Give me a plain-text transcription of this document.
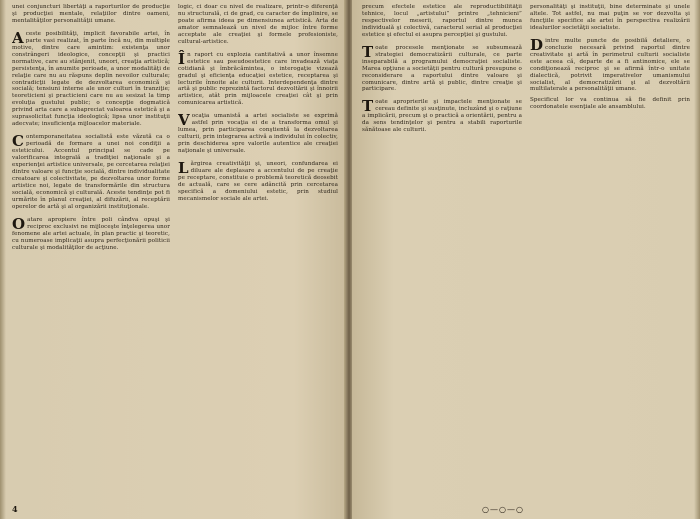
unei conjuncturi libertăţi a raporturilor de producţie şi producţiei mentale, relaţiilor dintre oameni, mentalităţilor personalităţii umane.

Aceste posibilităţi, implicit favorabile artei, în parte vasi realizat, în parte încă nu, din multiple motive, dintre care amintim: existenţa unor constrângeri ideologice, concepţii şi practici normative, care au stânjenit, uneori, creaţia artistică; persistenţa, în anumite perioade, a unor modalităţi de relaţie care nu au răspuns deplin nevoilor culturale; contradicţii legate de dezvoltarea economică şi socială; tensiuni interne ale unor culturi în tranziţie; teoreticieni şi practicieni care nu au sesizat la timp evoluţia gustului public; o concepţie dogmatică privind arta care a subapreciat valoarea estetică şi a suprasolicitat funcţia ideologică; lipsa unor instituţii adecvate; insuficienţa mijloacelor materiale.

Contemporaneitatea socialistă este văzută ca o perioadă de formare a unei noi condiţii a esteticului. Accentul principal se cade pe valorificarea integrală a tradiţiei naţionale şi a experienţei artistice universale, pe cercetarea relaţiei dintre valoare şi funcţie socială, dintre individualitate creatoare şi colectivitate, pe dezvoltarea unor forme artistice noi, legate de transformările din structura socială, economică şi culturală. Aceste tendinţe pot fi urmărite în planul creaţiei, al difuzării, al receptării operelor de artă şi al organizării instituţionale.

Oatare apropiere între poli cândva opuşi şi reciproc exclusivi ne mijloceşte înţelegerea unor fenomene ale artei actuale, în plan practic şi teoretic, cu numeroase implicaţii asupra perfecţionării politicii culturale şi modalităţilor de acţiune.

logic, ci doar cu nivel de realizare, printr-o diferenţă nu structurală, ci de grad, cu caracter de împlinire, se poate afirma ideea pe dimensiunea artistică. Arta de amator semnalează un nivel de mijloc între forme acceptate ale creaţiei şi formele profesioniste, cultural-artistice.

În raport cu explozia cantitativă a unor însemne estetice sau pseudoestetice care invadează viaţa cotidiană şi îmbrăcămintea, o interogaţie vizează gradul şi eficienţa educaţiei estetice, receptarea şi lecturile înnoite ale culturii. Interdependenţa dintre artă şi public reprezintă factorul dezvoltării şi înnoirii artistice, atât prin mijloacele creaţiei cât şi prin comunicarea artistică.

Vocaţia umanistă a artei socialiste se exprimă astfel prin vocaţia ei de a transforma omul şi lumea, prin participarea conştientă la dezvoltarea culturii, prin integrarea activă a individului în colectiv, prin deschiderea spre valorile autentice ale creaţiei naţionale şi universale.

Lărgirea creativităţii şi, uneori, confundarea ei diluare ale deplasare a accentului de pe creaţie pe receptare, constituie o problemă teoretică deosebit de actuală, care se cere adâncită prin cercetarea specifică a domeniului estetic, prin studiul mecanismelor sociale ale artei.

4

precum efectele estetice ale reproductibilităţii tehnice, locul „artistului” printre „tehnicieni” respectivelor meserii, raportul dintre munca individuală şi colectivă, caracterul serial al producţiei estetice şi efectul ei asupra percepţiei şi gustului.

Toate procesele menţionate se subsumează strategiei democratizării culturale, ce parte inseparabilă a programului democraţiei socialiste. Marea opţiune a societăţii pentru cultură presupune o reconsiderare a raportului dintre valoare şi comunicare, dintre artă şi public, dintre creaţie şi participare.

Toate aproprierile şi impactele menţionate se cereau definite şi susţinute, incluzând şi o raţiune a implicării, precum şi o practică a orientării, pentru a da sens tendinţelor şi pentru a stabili raporturile sănătoase ale culturii.

personalităţi şi instituţii, bine determinate şi unele altele. Tot astfel, nu mai puţin se vor dezvolta şi funcţiile specifice ale artei în perspectiva realizării idealurilor societăţii socialiste.

Dintre multe puncte de posibilă detaliere, o concluzie necesară privind raportul dintre creativitate şi artă în perimetrul culturii socialiste este aceea că, departe de a fi antinomice, ele se condiţionează reciproc şi se afirmă într-o unitate dialectică, potrivit imperativelor umanismului socialist, al democratizării şi al dezvoltării multilaterale a personalităţii umane.

Specificul lor va continua să fie definit prin coordonatele esenţiale ale ansamblului.

○—○—○
